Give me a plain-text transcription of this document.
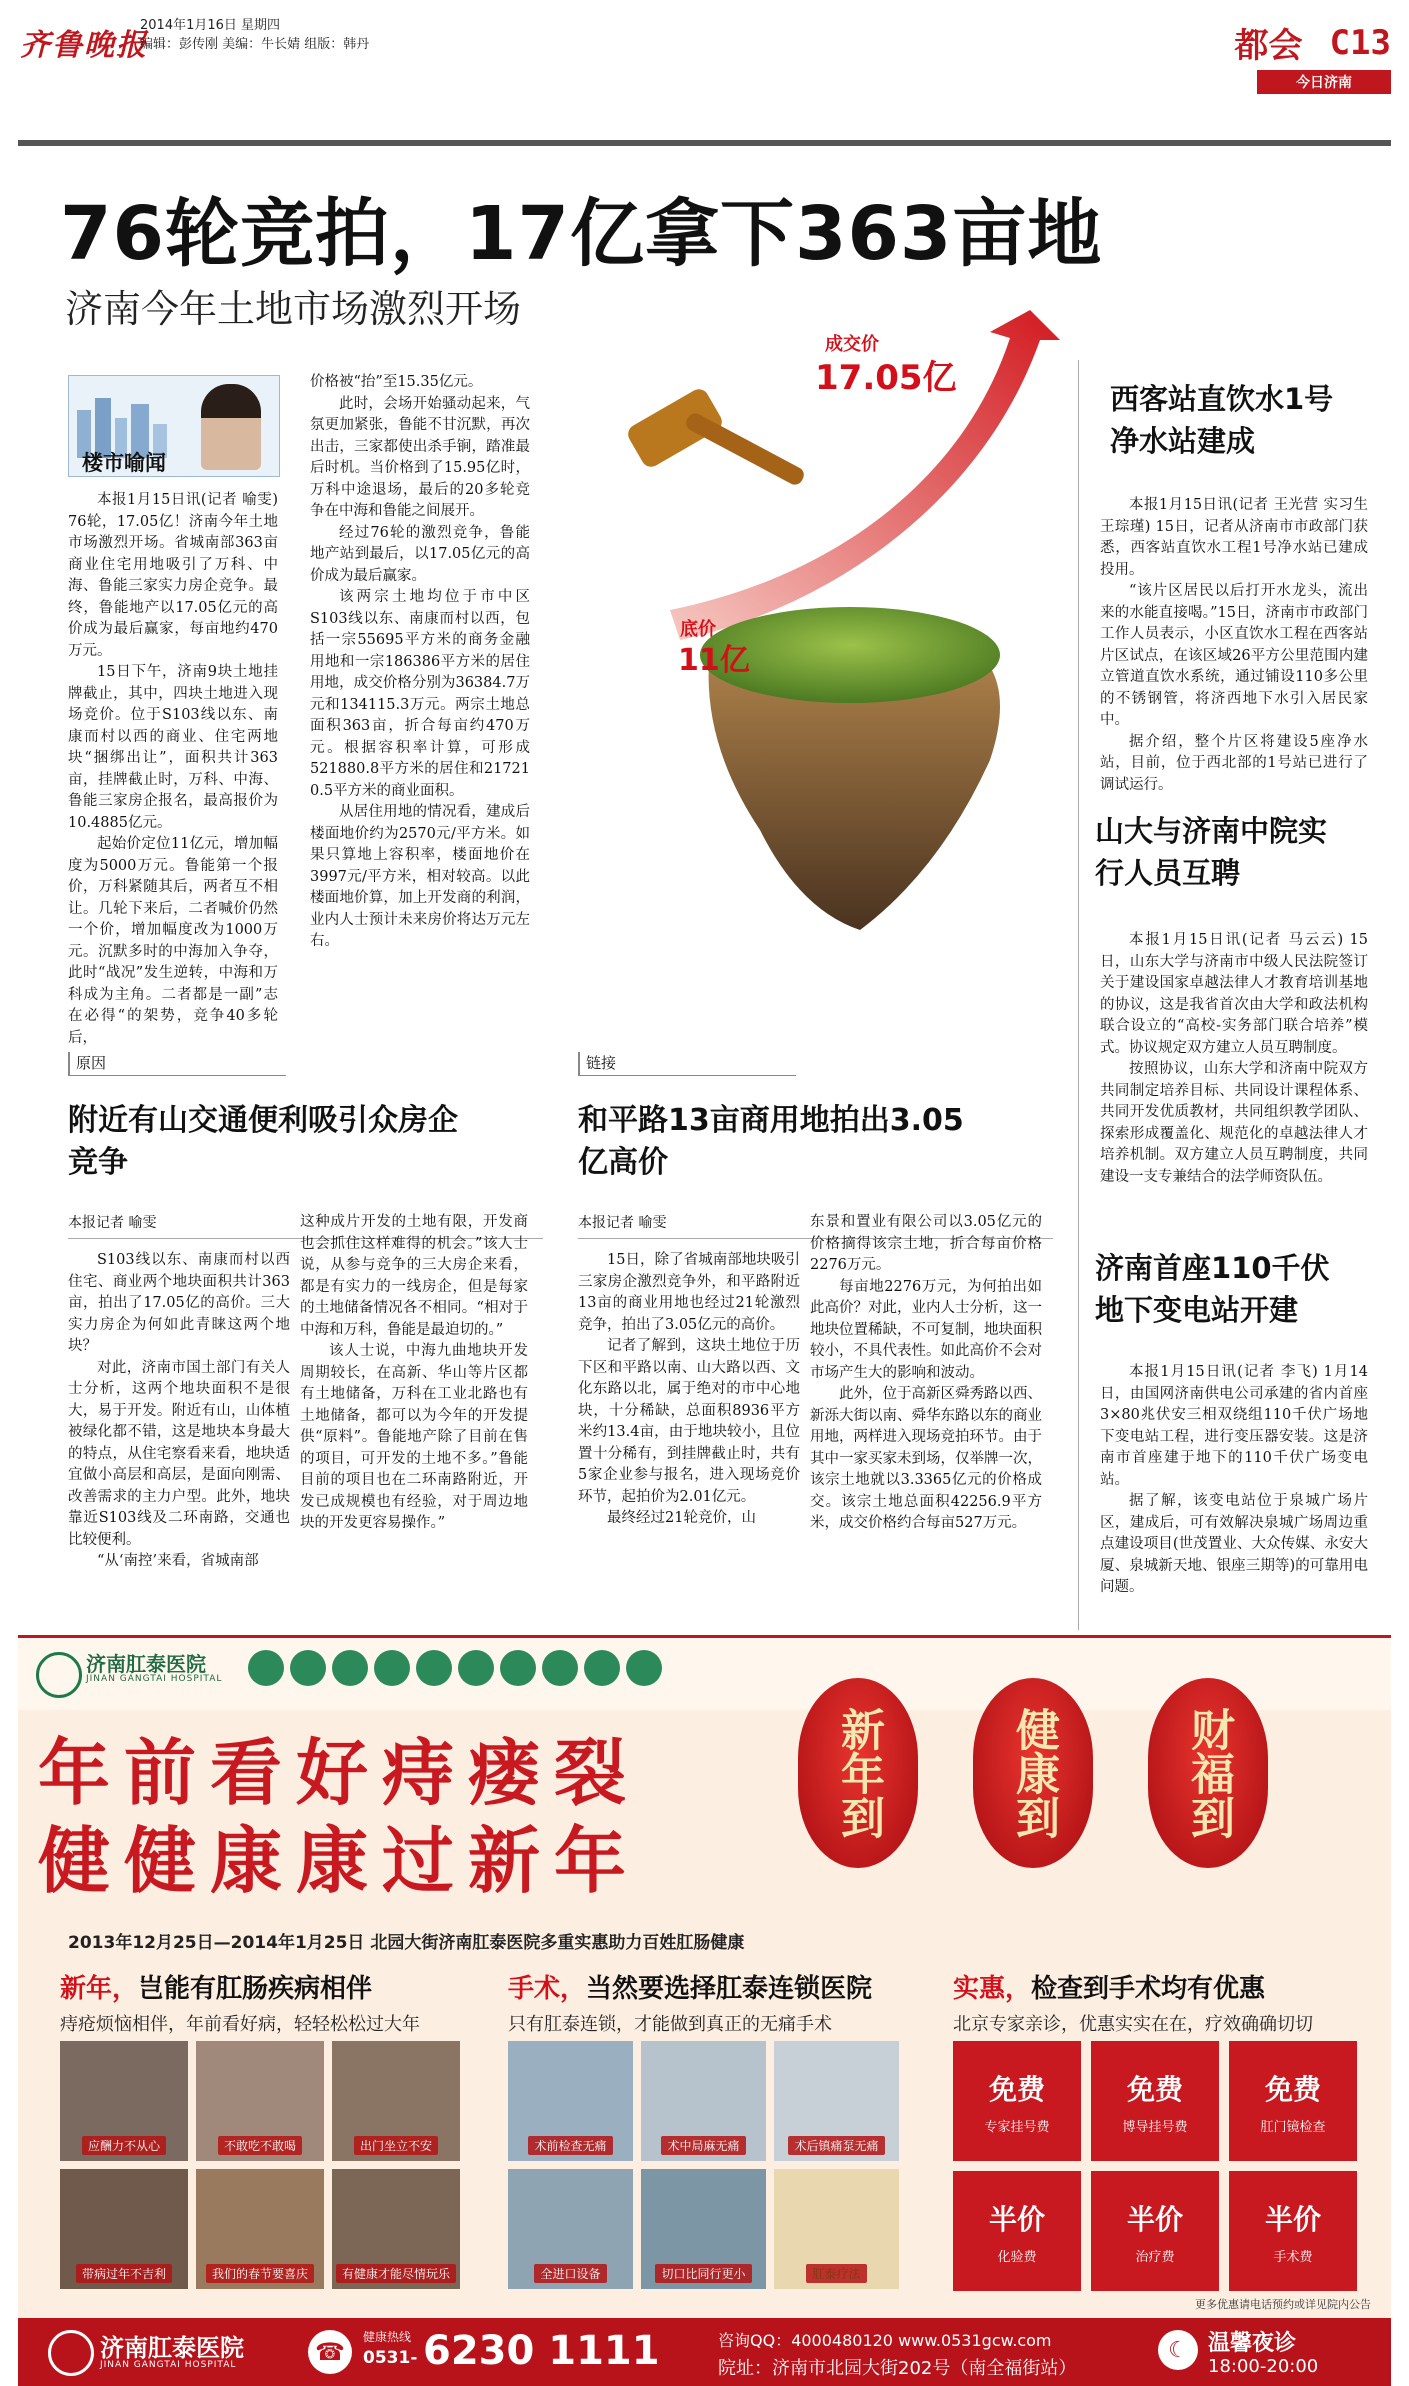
齐鲁晚报
2014年1月16日 星期四
编辑：彭传刚 美编：牛长婧 组版：韩丹	都会 C13
今日济南
76轮竞拍，17亿拿下363亩地
济南今年土地市场激烈开场
楼市喻闻

本报1月15日讯(记者 喻雯) 76轮，17.05亿！济南今年土地市场激烈开场。省城南部363亩商业住宅用地吸引了万科、中海、鲁能三家实力房企竞争。最终，鲁能地产以17.05亿元的高价成为最后赢家，每亩地约470万元。

15日下午，济南9块土地挂牌截止，其中，四块土地进入现场竞价。位于S103线以东、南康而村以西的商业、住宅两地块“捆绑出让”，面积共计363亩，挂牌截止时，万科、中海、鲁能三家房企报名，最高报价为10.4885亿元。

起始价定位11亿元，增加幅度为5000万元。鲁能第一个报价，万科紧随其后，两者互不相让。几轮下来后，二者喊价仍然一个价，增加幅度改为1000万元。沉默多时的中海加入争夺，此时“战况”发生逆转，中海和万科成为主角。二者都是一副”志在必得“的架势，竞争40多轮后，

价格被“抬”至15.35亿元。

此时，会场开始骚动起来，气氛更加紧张，鲁能不甘沉默，再次出击，三家都使出杀手锏，踏准最后时机。当价格到了15.95亿时，万科中途退场，最后的20多轮竞争在中海和鲁能之间展开。

经过76轮的激烈竞争，鲁能地产站到最后，以17.05亿元的高价成为最后赢家。

该两宗土地均位于市中区S103线以东、南康而村以西，包括一宗55695平方米的商务金融用地和一宗186386平方米的居住用地，成交价格分别为36384.7万元和134115.3万元。两宗土地总面积363亩，折合每亩约470万元。根据容积率计算，可形成521880.8平方米的居住和21721 0.5平方米的商业面积。

从居住用地的情况看，建成后楼面地价约为2570元/平方米。如果只算地上容积率，楼面地价在3997元/平方米，相对较高。以此楼面地价算，加上开发商的利润，业内人士预计未来房价将达万元左右。

成交价
17.05亿
底价
11亿
76轮
西客站直饮水1号净水站建成

本报1月15日讯(记者 王光营 实习生 王琮瑾) 15日，记者从济南市市政部门获悉，西客站直饮水工程1号净水站已建成投用。

“该片区居民以后打开水龙头，流出来的水能直接喝。”15日，济南市市政部门工作人员表示，小区直饮水工程在西客站片区试点，在该区域26平方公里范围内建立管道直饮水系统，通过铺设110多公里的不锈钢管，将济西地下水引入居民家中。

据介绍，整个片区将建设5座净水站，目前，位于西北部的1号站已进行了调试运行。

山大与济南中院实行人员互聘

本报1月15日讯(记者 马云云) 15日，山东大学与济南市中级人民法院签订关于建设国家卓越法律人才教育培训基地的协议，这是我省首次由大学和政法机构联合设立的“高校-实务部门联合培养”模式。协议规定双方建立人员互聘制度。

按照协议，山东大学和济南中院双方共同制定培养目标、共同设计课程体系、共同开发优质教材，共同组织教学团队、探索形成覆盖化、规范化的卓越法律人才培养机制。双方建立人员互聘制度，共同建设一支专兼结合的法学师资队伍。

济南首座110千伏地下变电站开建

本报1月15日讯(记者 李飞) 1月14日，由国网济南供电公司承建的省内首座3×80兆伏安三相双绕组110千伏广场地下变电站工程，进行变压器安装。这是济南市首座建于地下的110千伏广场变电站。

据了解，该变电站位于泉城广场片区，建成后，可有效解决泉城广场周边重点建设项目(世茂置业、大众传媒、永安大厦、泉城新天地、银座三期等)的可靠用电问题。

原因
附近有山交通便利吸引众房企竞争
本报记者 喻雯

S103线以东、南康而村以西住宅、商业两个地块面积共计363亩，拍出了17.05亿的高价。三大实力房企为何如此青睐这两个地块？

对此，济南市国土部门有关人士分析，这两个地块面积不是很大，易于开发。附近有山，山体植被绿化都不错，这是地块本身最大的特点，从住宅察看来看，地块适宜做小高层和高层，是面向刚需、改善需求的主力户型。此外，地块靠近S103线及二环南路，交通也比较便利。

“从‘南控’来看，省城南部

这种成片开发的土地有限，开发商也会抓住这样难得的机会。”该人士说，从参与竞争的三大房企来看，都是有实力的一线房企，但是每家的土地储备情况各不相同。“相对于中海和万科，鲁能是最迫切的。”

该人士说，中海九曲地块开发周期较长，在高新、华山等片区都有土地储备，万科在工业北路也有土地储备，都可以为今年的开发提供“原料”。鲁能地产除了目前在售的项目，可开发的土地不多。”鲁能目前的项目也在二环南路附近，开发已成规模也有经验，对于周边地块的开发更容易操作。”

链接
和平路13亩商用地拍出3.05亿高价
本报记者 喻雯

15日，除了省城南部地块吸引三家房企激烈竞争外，和平路附近13亩的商业用地也经过21轮激烈竞争，拍出了3.05亿元的高价。

记者了解到，这块土地位于历下区和平路以南、山大路以西、文化东路以北，属于绝对的市中心地块，十分稀缺，总面积8936平方米约13.4亩，由于地块较小，且位置十分稀有，到挂牌截止时，共有5家企业参与报名，进入现场竞价环节，起拍价为2.01亿元。

最终经过21轮竞价，山

东景和置业有限公司以3.05亿元的价格摘得该宗土地，折合每亩价格2276万元。

每亩地2276万元，为何拍出如此高价？对此，业内人士分析，这一地块位置稀缺，不可复制，地块面积较小，不具代表性。如此高价不会对市场产生大的影响和波动。

此外，位于高新区舜秀路以西、新泺大街以南、舜华东路以东的商业用地，两样进入现场竞拍环节。由于其中一家买家未到场，仅举牌一次，该宗土地就以3.3365亿元的价格成交。该宗土地总面积42256.9平方米，成交价格约合每亩527万元。

济南肛泰医院
JINAN GANGTAI HOSPITAL
年前看好痔瘘裂
健健康康过新年
新年到	健康到	财福到
2013年12月25日—2014年1月25日 北园大街济南肛泰医院多重实惠助力百姓肛肠健康
新年，岂能有肛肠疾病相伴
痔疮烦恼相伴，年前看好病，轻轻松松过大年
应酬力不从心	不敢吃不敢喝	出门坐立不安
带病过年不吉利	我们的春节要喜庆	有健康才能尽情玩乐
手术，当然要选择肛泰连锁医院
只有肛泰连锁，才能做到真正的无痛手术
术前检查无痛	术中局麻无痛	术后镇痛泵无痛
全进口设备	切口比同行更小	肛泰疗法
实惠，检查到手术均有优惠
北京专家亲诊，优惠实实在在，疗效确确切切
免费
专家挂号费
免费
博导挂号费
免费
肛门镜检查
半价
化验费
半价
治疗费
半价
手术费
更多优惠请电话预约或详见院内公告
济南肛泰医院
JINAN GANGTAI HOSPITAL	☎
健康热线
0531- 6230 1111	咨询QQ：4000480120 www.0531gcw.com
院址：济南市北园大街202号（南全福街站）
☾ 温馨夜诊
18:00-20:00
